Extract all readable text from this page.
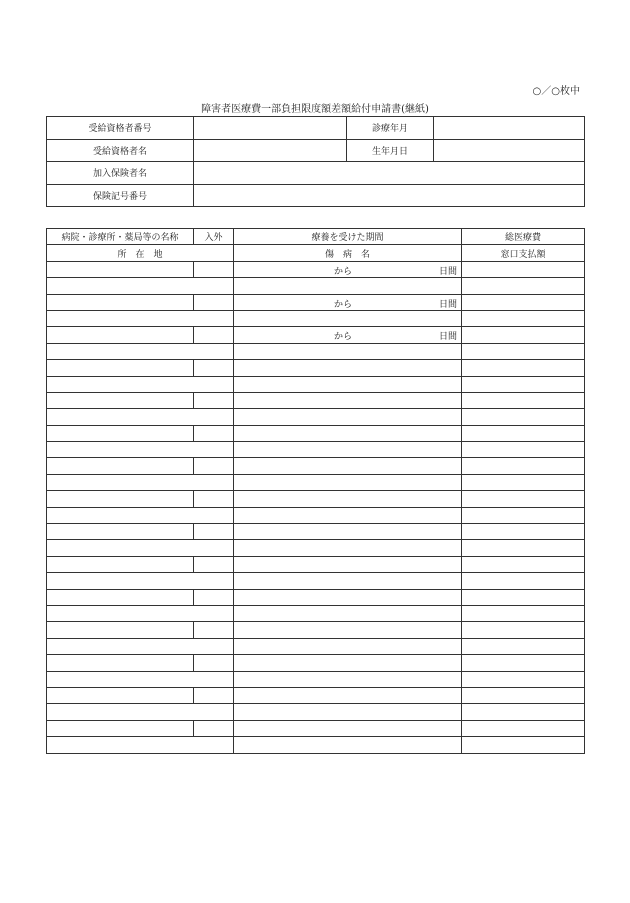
○／○枚中
障害者医療費一部負担限度額差額給付申請書(継紙)
受給資格者番号		診療年月	
受給資格者名		生年月日	
加入保険者名			
保険記号番号			
病院・診療所・薬局等の名称	入外	療養を受けた期間	総医療費
所　在　地		傷　病　名	窓口支払額

		から 日間	

		から 日間	

		から 日間	
